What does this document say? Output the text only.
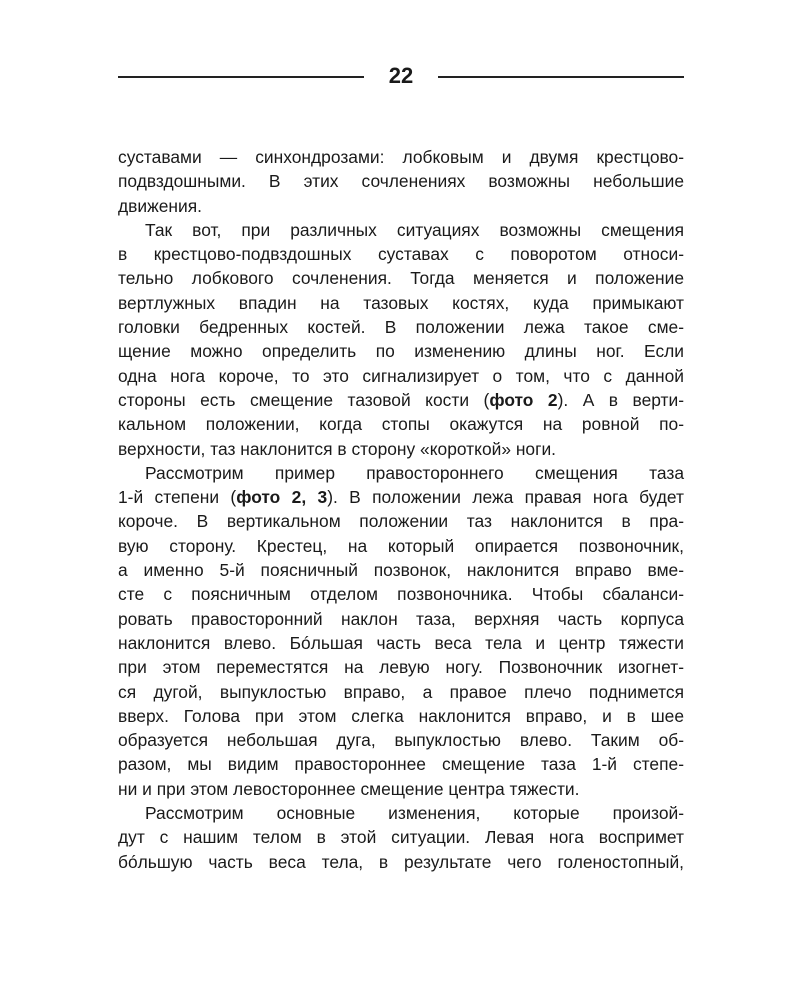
22
суставами — синхондрозами: лобковым и двумя крестцово-
подвздошными. В этих сочленениях возможны небольшие
движения.
Так вот, при различных ситуациях возможны смещения
в крестцово-подвздошных суставах с поворотом относи-
тельно лобкового сочленения. Тогда меняется и положение
вертлужных впадин на тазовых костях, куда примыкают
головки бедренных костей. В положении лежа такое сме-
щение можно определить по изменению длины ног. Если
одна нога короче, то это сигнализирует о том, что с данной
стороны есть смещение тазовой кости (фото 2). А в верти-
кальном положении, когда стопы окажутся на ровной по-
верхности, таз наклонится в сторону «короткой» ноги.
Рассмотрим пример правостороннего смещения таза
1-й степени (фото 2, 3). В положении лежа правая нога будет
короче. В вертикальном положении таз наклонится в пра-
вую сторону. Крестец, на который опирается позвоночник,
а именно 5-й поясничный позвонок, наклонится вправо вме-
сте с поясничным отделом позвоночника. Чтобы сбаланси-
ровать правосторонний наклон таза, верхняя часть корпуса
наклонится влево. Бóльшая часть веса тела и центр тяжести
при этом переместятся на левую ногу. Позвоночник изогнет-
ся дугой, выпуклостью вправо, а правое плечо поднимется
вверх. Голова при этом слегка наклонится вправо, и в шее
образуется небольшая дуга, выпуклостью влево. Таким об-
разом, мы видим правостороннее смещение таза 1-й степе-
ни и при этом левостороннее смещение центра тяжести.
Рассмотрим основные изменения, которые произой-
дут с нашим телом в этой ситуации. Левая нога воспримет
бóльшую часть веса тела, в результате чего голеностопный,
